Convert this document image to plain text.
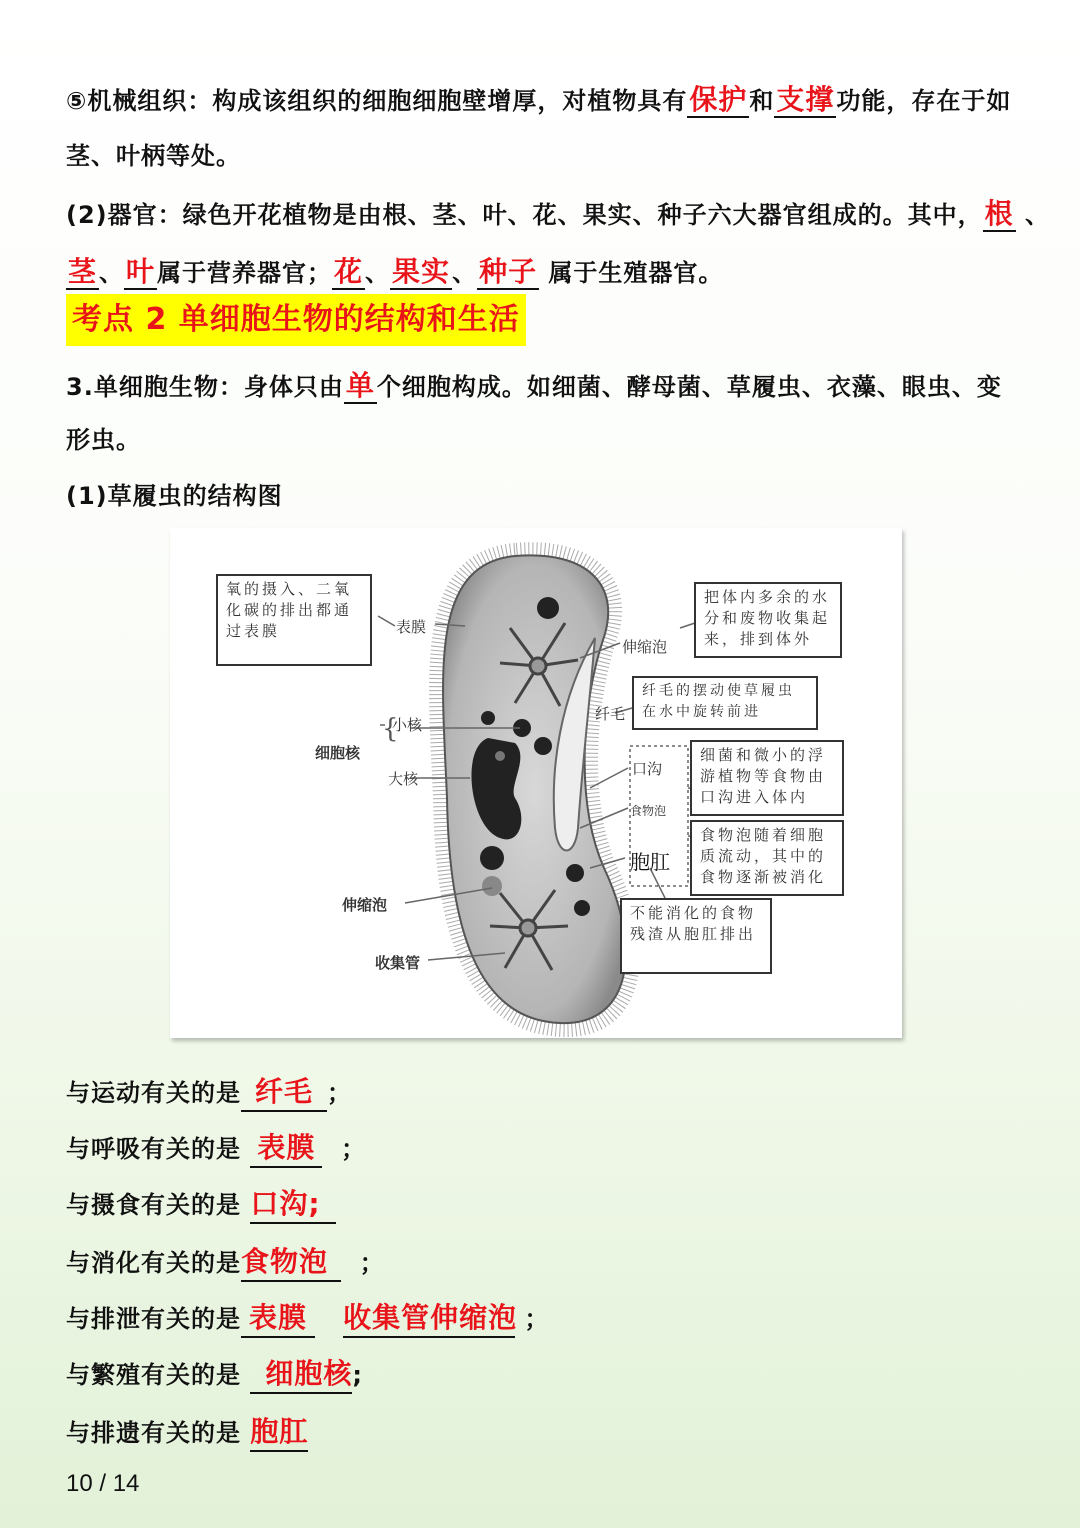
⑤机械组织：构成该组织的细胞细胞壁增厚，对植物具有保护和支撑功能，存在于如
茎、叶柄等处。
(2)器官：绿色开花植物是由根、茎、叶、花、果实、种子六大器官组成的。其中，根 、
茎、叶属于营养器官；花、果实、种子 属于生殖器官。
考点 2 单细胞生物的结构和生活
3.单细胞生物：身体只由单个细胞构成。如细菌、酵母菌、草履虫、衣藻、眼虫、变
形虫。
(1)草履虫的结构图
氧的摄入、二氧化碳的排出都通过表膜	表膜
伸缩泡
把体内多余的水分和废物收集起来，排到体外
纤毛
纤毛的摆动使草履虫在水中旋转前进
细胞核
{
小核
大核
口沟
细菌和微小的浮游植物等食物由口沟进入体内
食物泡
食物泡随着细胞质流动，其中的食物逐渐被消化
胞肛
不能消化的食物残渣从胞肛排出
伸缩泡
收集管
与运动有关的是 纤毛 ；
与呼吸有关的是 表膜 ；
与摄食有关的是 口沟;
与消化有关的是食物泡 ；
与排泄有关的是 表膜 收集管伸缩泡 ；
与繁殖有关的是 细胞核;
与排遗有关的是 胞肛
10 / 14
